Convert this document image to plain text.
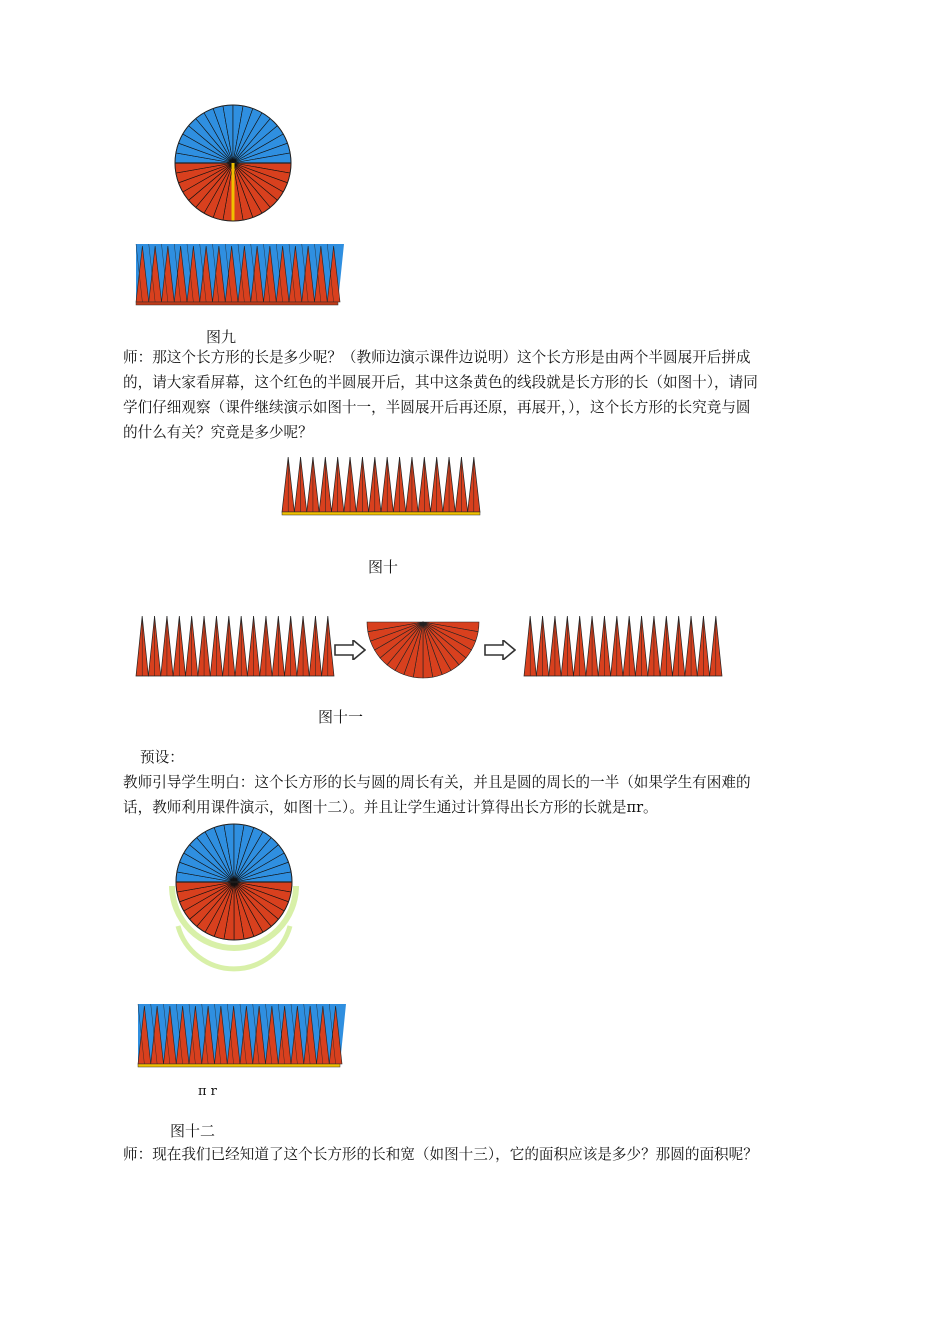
图九
师：那这个长方形的长是多少呢？（教师边演示课件边说明）这个长方形是由两个半圆展开后拼成
的，请大家看屏幕，这个红色的半圆展开后，其中这条黄色的线段就是长方形的长（如图十），请同
学们仔细观察（课件继续演示如图十一，半圆展开后再还原，再展开，），这个长方形的长究竟与圆
的什么有关？究竟是多少呢？
图十
图十一
预设：
教师引导学生明白：这个长方形的长与圆的周长有关，并且是圆的周长的一半（如果学生有困难的
话，教师利用课件演示，如图十二）。并且让学生通过计算得出长方形的长就是πr。
π r
图十二
师：现在我们已经知道了这个长方形的长和宽（如图十三），它的面积应该是多少？那圆的面积呢？
